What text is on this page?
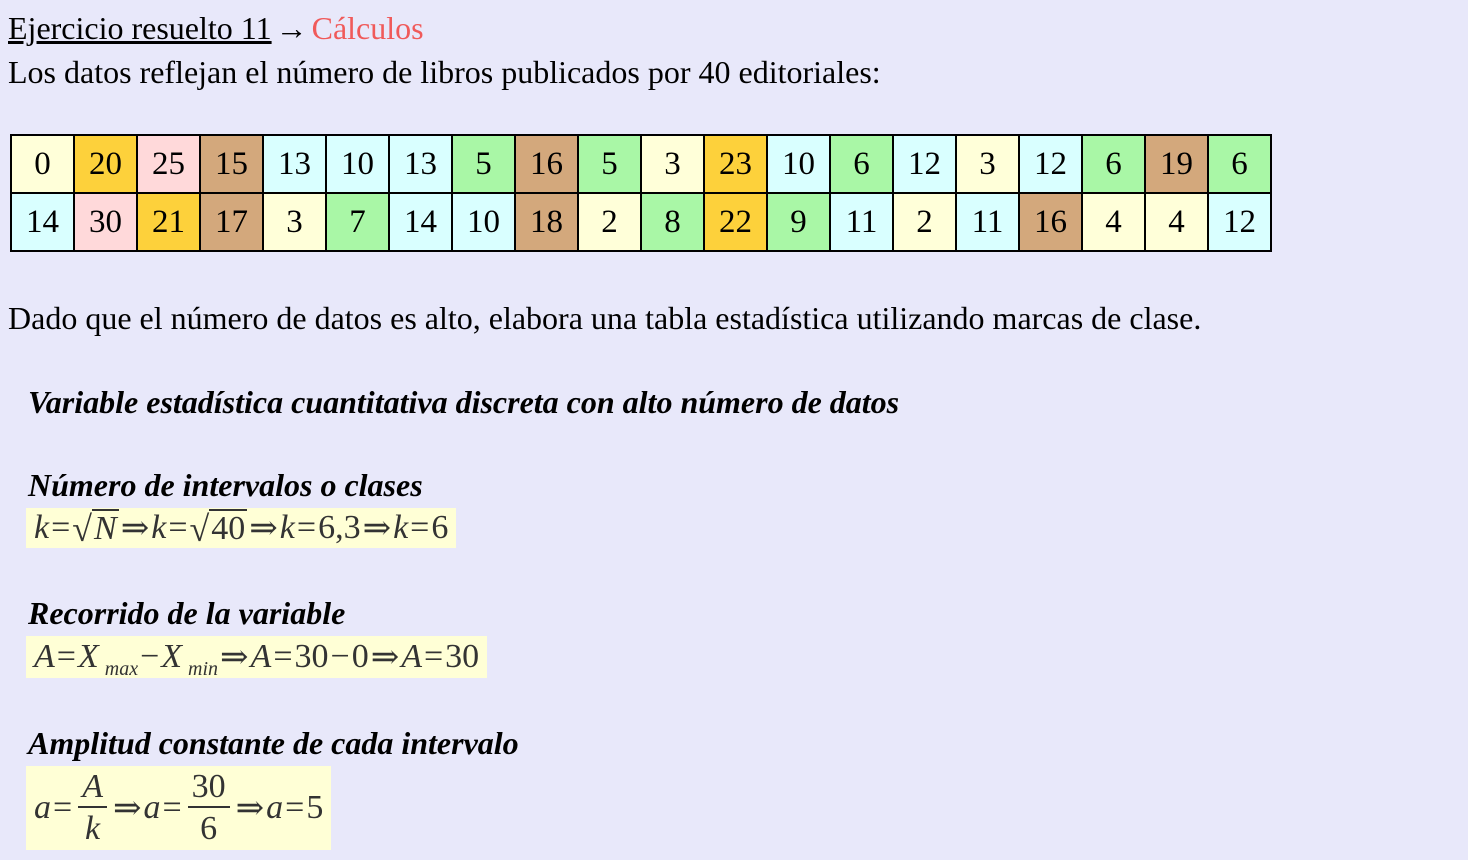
Ejercicio resuelto 11 → Cálculos
Los datos reflejan el número de libros publicados por 40 editoriales:
0	20	25	15	13	10	13	5	16	5	3	23	10	6	12	3	12	6	19	6
14	30	21	17	3	7	14	10	18	2	8	22	9	11	2	11	16	4	4	12
Dado que el número de datos es alto, elabora una tabla estadística utilizando marcas de clase.
Variable estadística cuantitativa discreta con alto número de datos
Número de intervalos o clases
k = √ N ⇒ k = √ 40 ⇒ k = 6,3 ⇒ k = 6
Recorrido de la variable
A = X max − X min ⇒ A = 30 − 0 ⇒ A = 30
Amplitud constante de cada intervalo
$a = \frac{A}{k}$ ⇒ $a = \frac{30}{6}$ ⇒ a = 5
